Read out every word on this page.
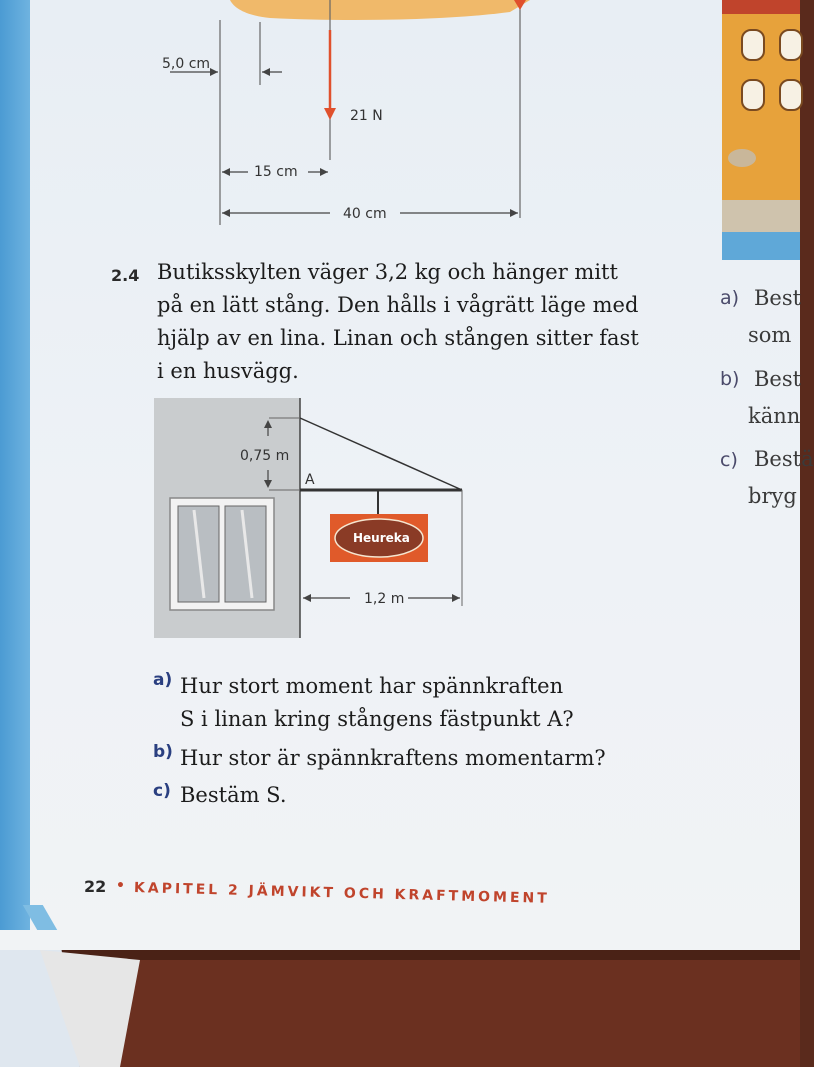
5,0 cm
21 N
15 cm
40 cm
2.4 Butiksskylten väger 3,2 kg och hänger mitt
på en lätt stång. Den hålls i vågrätt läge med
hjälp av en lina. Linan och stången sitter fast
i en husvägg.
0,75 m
A
Heureka
1,2 m
a) Hur stort moment har spännkraften
S i linan kring stångens fästpunkt A?
b) Hur stor är spännkraftens momentarm?
c) Bestäm S.
a) Best
som
b) Best
känn
c) Bestä
bryg
22 • KAPITEL 2 JÄMVIKT OCH KRAFTMOMENT
